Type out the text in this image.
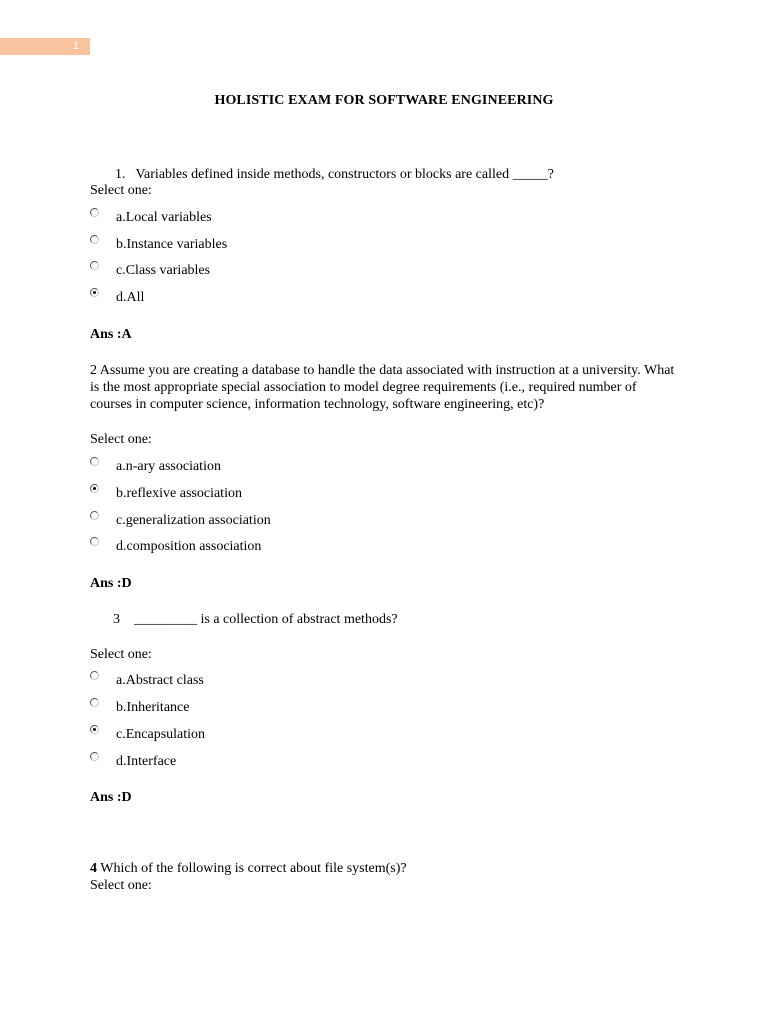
1
HOLISTIC EXAM FOR SOFTWARE ENGINEERING
1. Variables defined inside methods, constructors or blocks are called _____?
Select one:
a.Local variables
b.Instance variables
c.Class variables
d.All
Ans :A
2 Assume you are creating a database to handle the data associated with instruction at a university. What is the most appropriate special association to model degree requirements (i.e., required number of courses in computer science, information technology, software engineering, etc)?
Select one:
a.n-ary association
b.reflexive association
c.generalization association
d.composition association
Ans :D
3 _________ is a collection of abstract methods?
Select one:
a.Abstract class
b.Inheritance
c.Encapsulation
d.Interface
Ans :D
4 Which of the following is correct about file system(s)?
Select one:
